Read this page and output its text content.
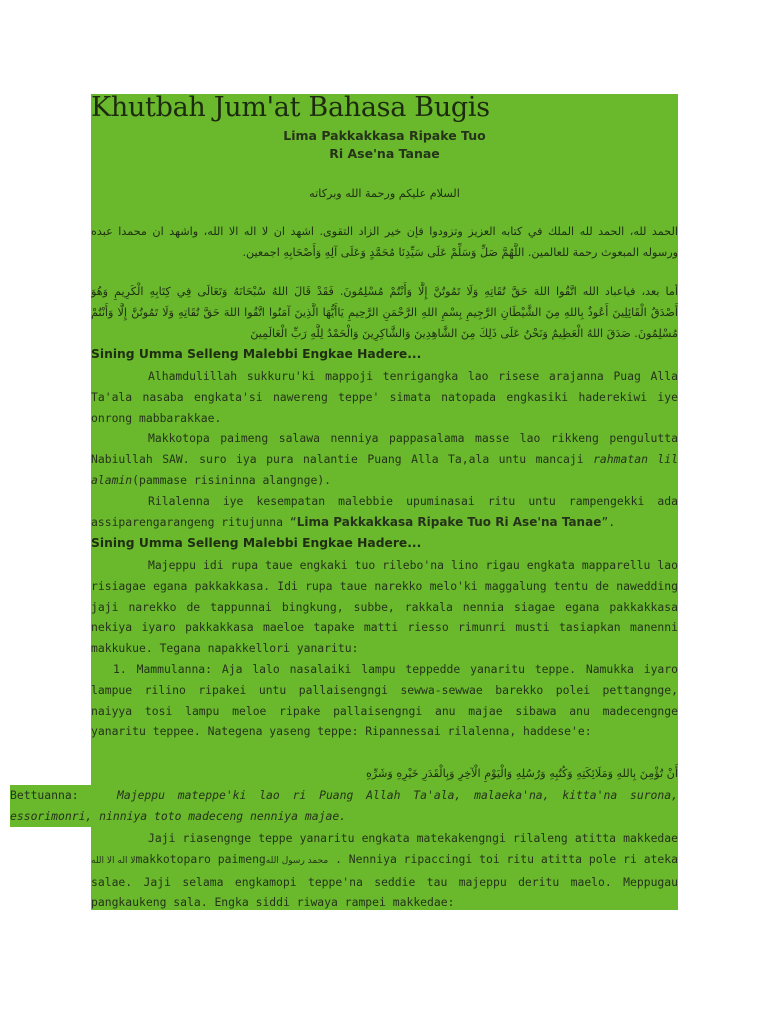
Khutbah Jum'at Bahasa Bugis
Lima Pakkakkasa Ripake Tuo
Ri Ase'na Tanae
السلام عليكم ورحمة الله وبركاته
الحمد لله، الحمد لله الملك في كتابه العزيز وتزودوا فإن خير الزاد التقوى. اشهد ان لا اله الا الله، واشهد ان محمدا عبده
ورسوله المبعوث رحمة للعالمين. اللَّهُمَّ صَلِّ وَسَلِّمْ عَلَى سَيِّدِنَا مُحَمَّدٍ وَعَلَى آلِهِ وَأَصْحَابِهِ اجمعين.
أما بعد، فياعباد الله اتَّقُوا اللهَ حَقَّ تُقَاتِهِ وَلَا تَمُوتُنَّ إِلَّا وَأَنْتُمْ مُسْلِمُونَ. فَقَدْ قَالَ اللهُ سُبْحَانَهُ وَتَعَالَى فِي كِتَابِهِ الْكَرِيمِ وَهُوَ
أَصْدَقُ الْقَائِلِينَ أَعُوذُ بِاللهِ مِنَ الشَّيْطَانِ الرَّجِيمِ بِسْمِ اللهِ الرَّحْمَنِ الرَّحِيمِ يَاأَيُّهَا الَّذِينَ آمَنُوا اتَّقُوا اللهَ حَقَّ تُقَاتِهِ وَلَا تَمُوتُنَّ إِلَّا وَأَنْتُمْ
مُسْلِمُونَ. صَدَقَ اللهُ الْعَظِيمُ وَنَحْنُ عَلَى ذَلِكَ مِنَ الشَّاهِدِينَ وَالشَّاكِرِينَ وَالْحَمْدُ لِلَّهِ رَبِّ الْعَالَمِينَ
Sining Umma Selleng Malebbi Engkae Hadere...

Alhamdulillah sukkuru'ki mappoji tenrigangka lao risese arajanna Puag Alla Ta'ala nasaba engkata'si nawereng teppe' simata natopada engkasiki haderekiwi iye onrong mabbarakkae.

Makkotopa paimeng salawa nenniya pappasalama masse lao rikkeng pengulutta Nabiullah SAW. suro iya pura nalantie Puang Alla Ta,ala untu mancaji rahmatan lil alamin(pammase risininna alangnge).

Rilalenna iye kesempatan malebbie upuminasai ritu untu rampengekki ada assiparengarangeng ritujunna “Lima Pakkakkasa Ripake Tuo Ri Ase'na Tanae”.

Sining Umma Selleng Malebbi Engkae Hadere...

Majeppu idi rupa taue engkaki tuo rilebo'na lino rigau engkata mapparellu lao risiagae egana pakkakkasa. Idi rupa taue narekko melo'ki maggalung tentu de nawedding jaji narekko de tappunnai bingkung, subbe, rakkala nennia siagae egana pakkakkasa nekiya iyaro pakkakkasa maeloe tapake matti riesso rimunri musti tasiapkan manenni makkukue. Tegana napakkellori yanaritu:

1. Mammulanna: Aja lalo nasalaiki lampu teppedde yanaritu teppe. Namukka iyaro lampue rilino ripakei untu pallaisengngi sewwa-sewwae barekko polei pettangnge, naiyya tosi lampu meloe ripake pallaisengngi anu majae sibawa anu madecengnge yanaritu teppee. Nategena yaseng teppe: Ripannessai rilalenna, haddese'e:

أَنْ تُؤْمِنَ بِاللهِ وَمَلَائِكَتِهِ وَكُتُبِهِ وَرُسُلِهِ وَالْيَوْمِ الْآخِرِ وَبِالْقَدَرِ خَيْرِهِ وَشَرِّهِ

Bettuanna:	Majeppu mateppe'ki lao ri Puang Allah Ta'ala, malaeka'na, kitta'na surona, essorimonri, ninniya toto madeceng nenniya majae.

Jaji riasengnge teppe yanaritu engkata matekakengngi rilaleng atitta makkedae لا اله الا اللهmakkotoparo paimengمحمد رسول الله . Nenniya ripaccingi toi ritu atitta pole ri ateka salae. Jaji selama engkamopi teppe'na seddie tau majeppu deritu maelo. Meppugau pangkaukeng sala. Engka siddi riwaya rampei makkedae:
